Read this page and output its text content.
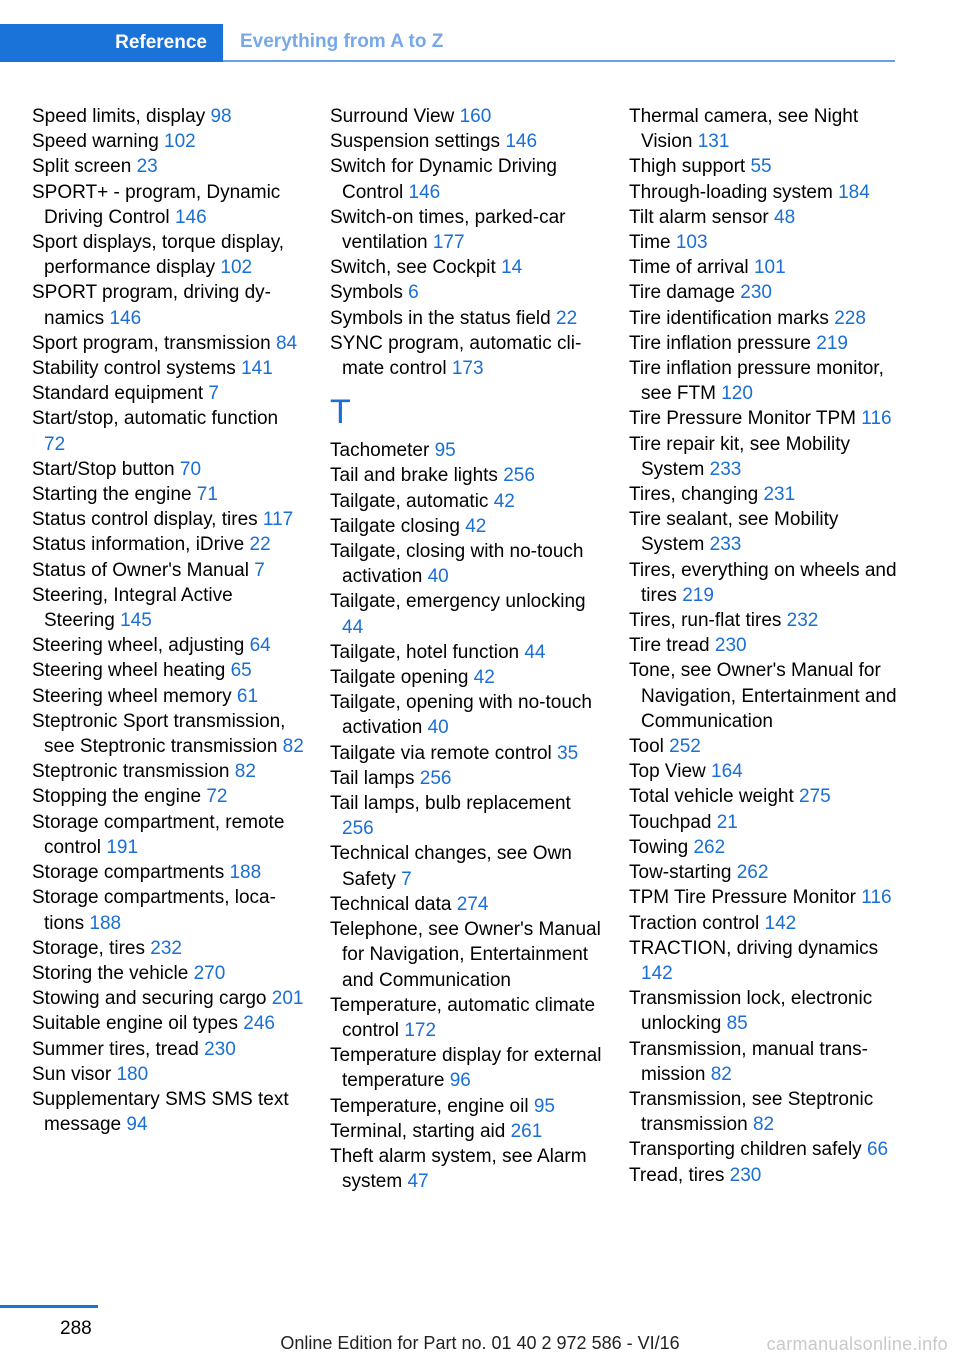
Reference	Everything from A to Z

Speed limits, display 98

Speed warning 102

Split screen 23

SPORT+ - program, Dynamic Driving Control 146

Sport displays, torque display, performance display 102

SPORT program, driving dynamics 146

Sport program, transmission 84

Stability control systems 141

Standard equipment 7

Start/stop, automatic function 72

Start/Stop button 70

Starting the engine 71

Status control display, tires 117

Status information, iDrive 22

Status of Owner's Manual 7

Steering, Integral Active Steering 145

Steering wheel, adjusting 64

Steering wheel heating 65

Steering wheel memory 61

Steptronic Sport transmission, see Steptronic transmission 82

Steptronic transmission 82

Stopping the engine 72

Storage compartment, remote control 191

Storage compartments 188

Storage compartments, locations 188

Storage, tires 232

Storing the vehicle 270

Stowing and securing cargo 201

Suitable engine oil types 246

Summer tires, tread 230

Sun visor 180

Supplementary SMS SMS text message 94

Surround View 160

Suspension settings 146

Switch for Dynamic Driving Control 146

Switch-on times, parked-car ventilation 177

Switch, see Cockpit 14

Symbols 6

Symbols in the status field 22

SYNC program, automatic climate control 173

T

Tachometer 95

Tail and brake lights 256

Tailgate, automatic 42

Tailgate closing 42

Tailgate, closing with no-touch activation 40

Tailgate, emergency unlocking 44

Tailgate, hotel function 44

Tailgate opening 42

Tailgate, opening with no-touch activation 40

Tailgate via remote control 35

Tail lamps 256

Tail lamps, bulb replacement 256

Technical changes, see Own Safety 7

Technical data 274

Telephone, see Owner's Manual for Navigation, Entertainment and Communication

Temperature, automatic climate control 172

Temperature display for external temperature 96

Temperature, engine oil 95

Terminal, starting aid 261

Theft alarm system, see Alarm system 47

Thermal camera, see Night Vision 131

Thigh support 55

Through-loading system 184

Tilt alarm sensor 48

Time 103

Time of arrival 101

Tire damage 230

Tire identification marks 228

Tire inflation pressure 219

Tire inflation pressure monitor, see FTM 120

Tire Pressure Monitor TPM 116

Tire repair kit, see Mobility System 233

Tires, changing 231

Tire sealant, see Mobility System 233

Tires, everything on wheels and tires 219

Tires, run-flat tires 232

Tire tread 230

Tone, see Owner's Manual for Navigation, Entertainment and Communication

Tool 252

Top View 164

Total vehicle weight 275

Touchpad 21

Towing 262

Tow-starting 262

TPM Tire Pressure Monitor 116

Traction control 142

TRACTION, driving dynamics 142

Transmission lock, electronic unlocking 85

Transmission, manual transmission 82

Transmission, see Steptronic transmission 82

Transporting children safely 66

Tread, tires 230

288
Online Edition for Part no. 01 40 2 972 586 - VI/16	carmanualsonline.info
